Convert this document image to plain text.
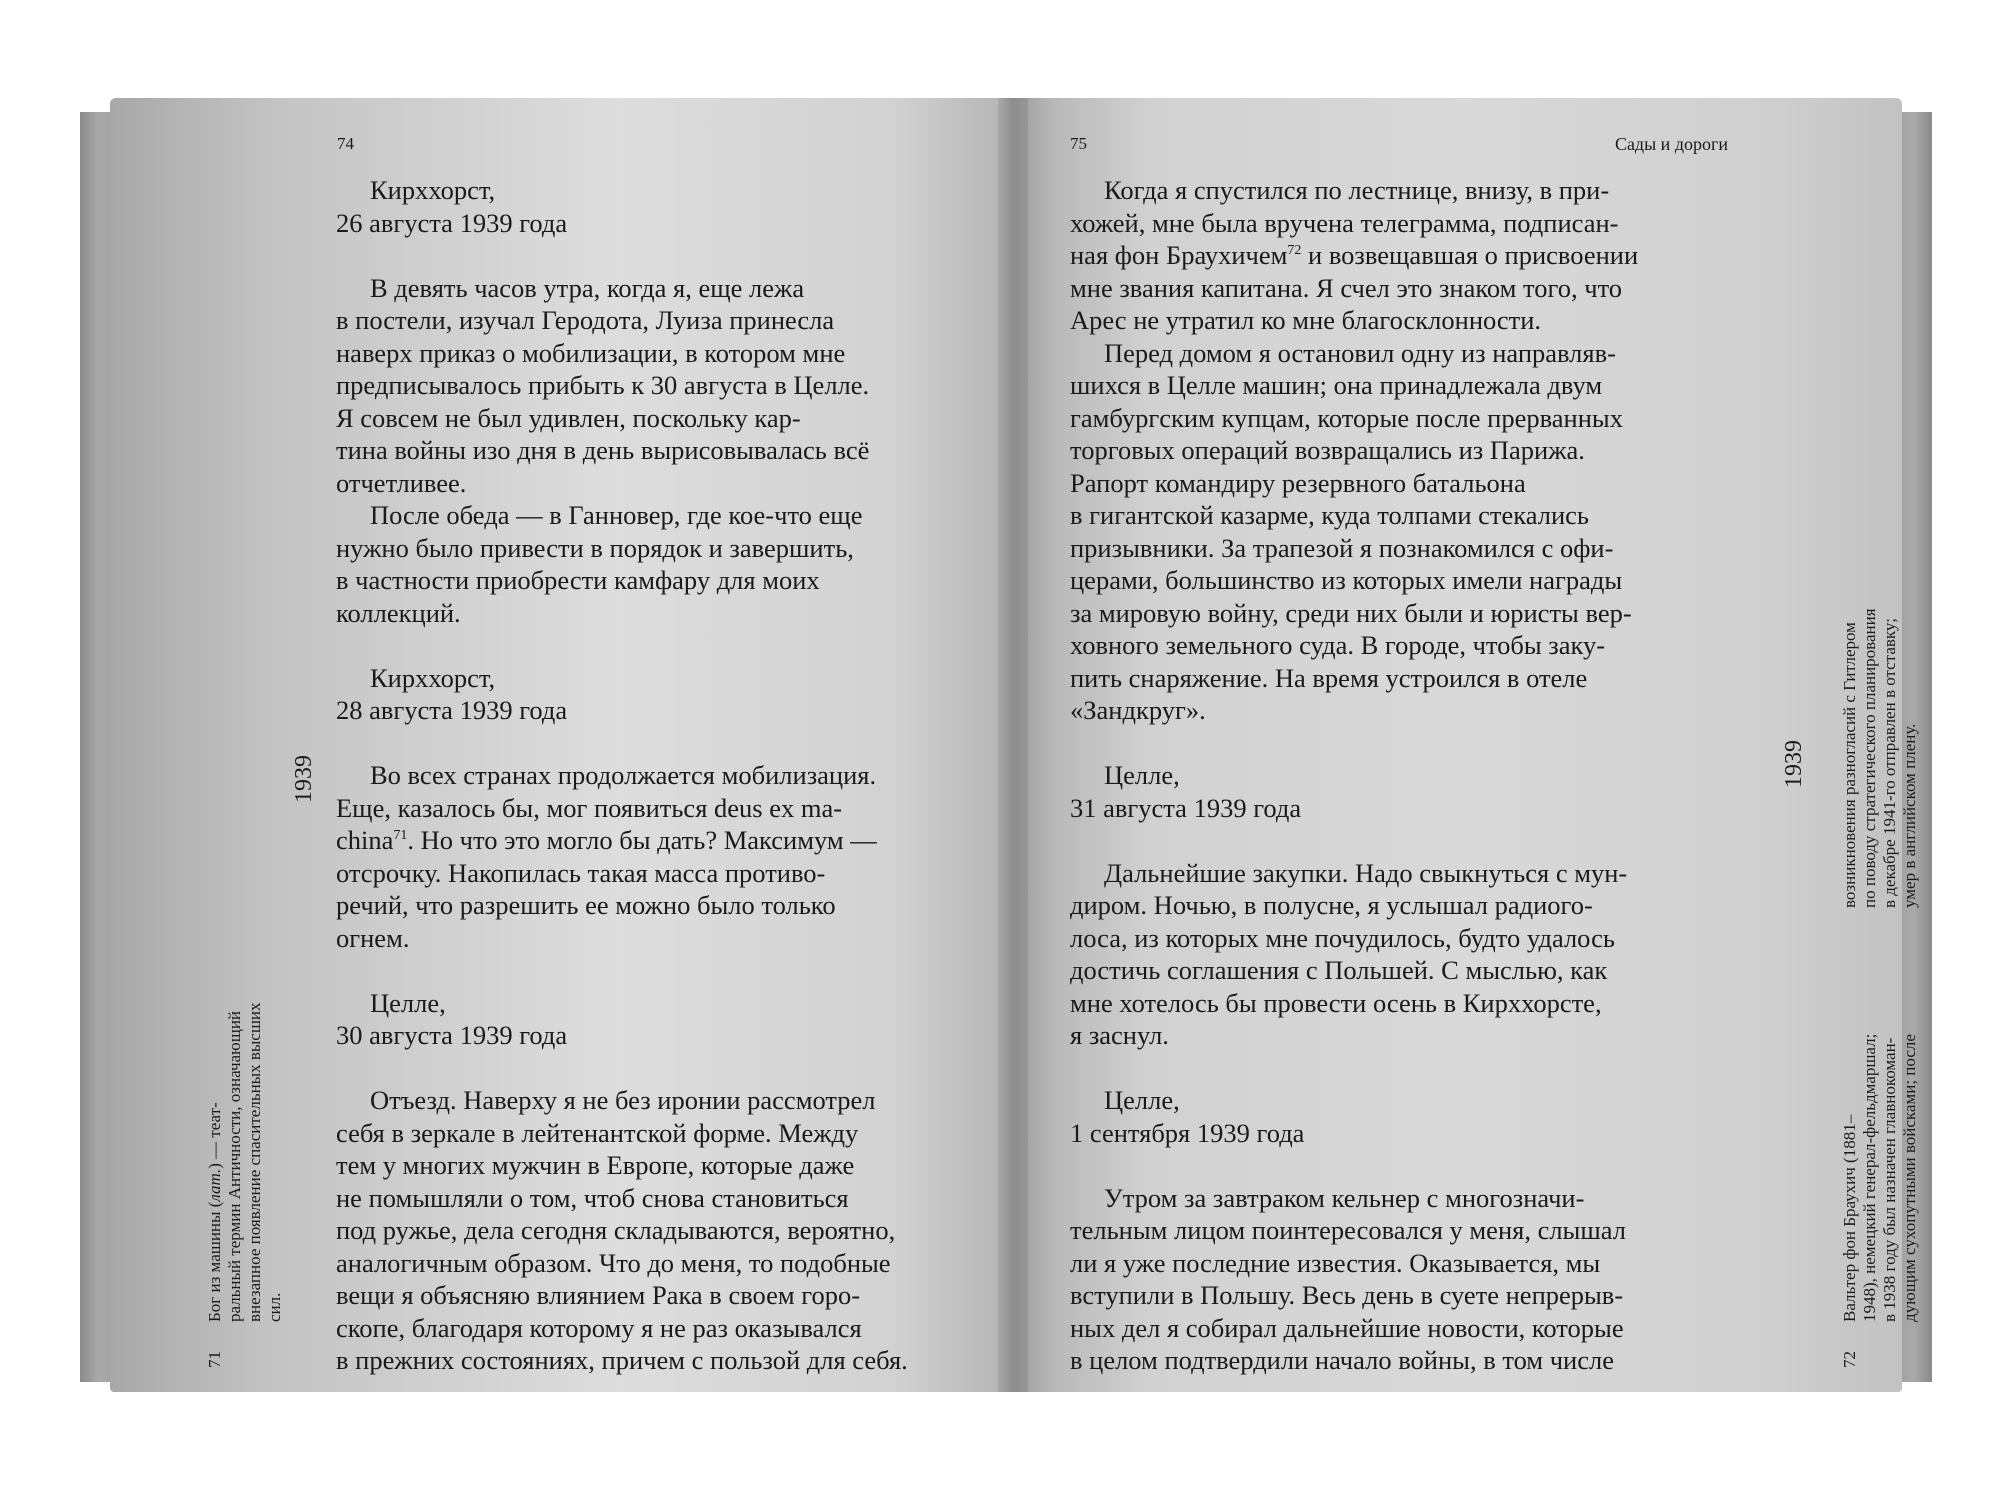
74
1939

71Бог из машины (лат.) — теат- ральный термин Античности, означающий внезапное появление спасительных высших сил.

Кирххорст,

26 августа 1939 года

В девять часов утра, когда я, еще лежа

в постели, изучал Геродота, Луиза принесла

наверх приказ о мобилизации, в котором мне

предписывалось прибыть к 30 августа в Целле.

Я совсем не был удивлен, поскольку кар-

тина войны изо дня в день вырисовывалась всё

отчетливее.

После обеда — в Ганновер, где кое-что еще

нужно было привести в порядок и завершить,

в частности приобрести камфару для моих

коллекций.

Кирххорст,

28 августа 1939 года

Во всех странах продолжается мобилизация.

Еще, казалось бы, мог появиться deus ex ma-

china$^{71}$. Но что это могло бы дать? Максимум —

отсрочку. Накопилась такая масса противо-

речий, что разрешить ее можно было только

огнем.

Целле,

30 августа 1939 года

Отъезд. Наверху я не без иронии рассмотрел

себя в зеркале в лейтенантской форме. Между

тем у многих мужчин в Европе, которые даже

не помышляли о том, чтоб снова становиться

под ружье, дела сегодня складываются, вероятно,

аналогичным образом. Что до меня, то подобные

вещи я объясняю влиянием Рака в своем горо-

скопе, благодаря которому я не раз оказывался

в прежних состояниях, причем с пользой для себя.

75	Сады и дороги

Когда я спустился по лестнице, внизу, в при-

хожей, мне была вручена телеграмма, подписан-

ная фон Браухичем$^{72}$ и возвещавшая о присвоении

мне звания капитана. Я счел это знаком того, что

Арес не утратил ко мне благосклонности.

Перед домом я остановил одну из направляв-

шихся в Целле машин; она принадлежала двум

гамбургским купцам, которые после прерванных

торговых операций возвращались из Парижа.

Рапорт командиру резервного батальона

в гигантской казарме, куда толпами стекались

призывники. За трапезой я познакомился с офи-

церами, большинство из которых имели награды

за мировую войну, среди них были и юристы вер-

ховного земельного суда. В городе, чтобы заку-

пить снаряжение. На время устроился в отеле

«Зандкруг».

Целле,

31 августа 1939 года

Дальнейшие закупки. Надо свыкнуться с мун-

диром. Ночью, в полусне, я услышал радиого-

лоса, из которых мне почудилось, будто удалось

достичь соглашения с Польшей. С мыслью, как

мне хотелось бы провести осень в Кирххорсте,

я заснул.

Целле,

1 сентября 1939 года

Утром за завтраком кельнер с многозначи-

тельным лицом поинтересовался у меня, слышал

ли я уже последние известия. Оказывается, мы

вступили в Польшу. Весь день в суете непрерыв-

ных дел я собирал дальнейшие новости, которые

в целом подтвердили начало войны, в том числе

1939

72Вальтер фон Браухич (1881– 1948), немецкий генерал-фельдмаршал; в 1938 году был назначен главнокоман- дующим сухопутными войсками; после

возникновения разногласий с Гитлером по поводу стратегического планирования в декабре 1941-го отправлен в отставку; умер в английском плену.
